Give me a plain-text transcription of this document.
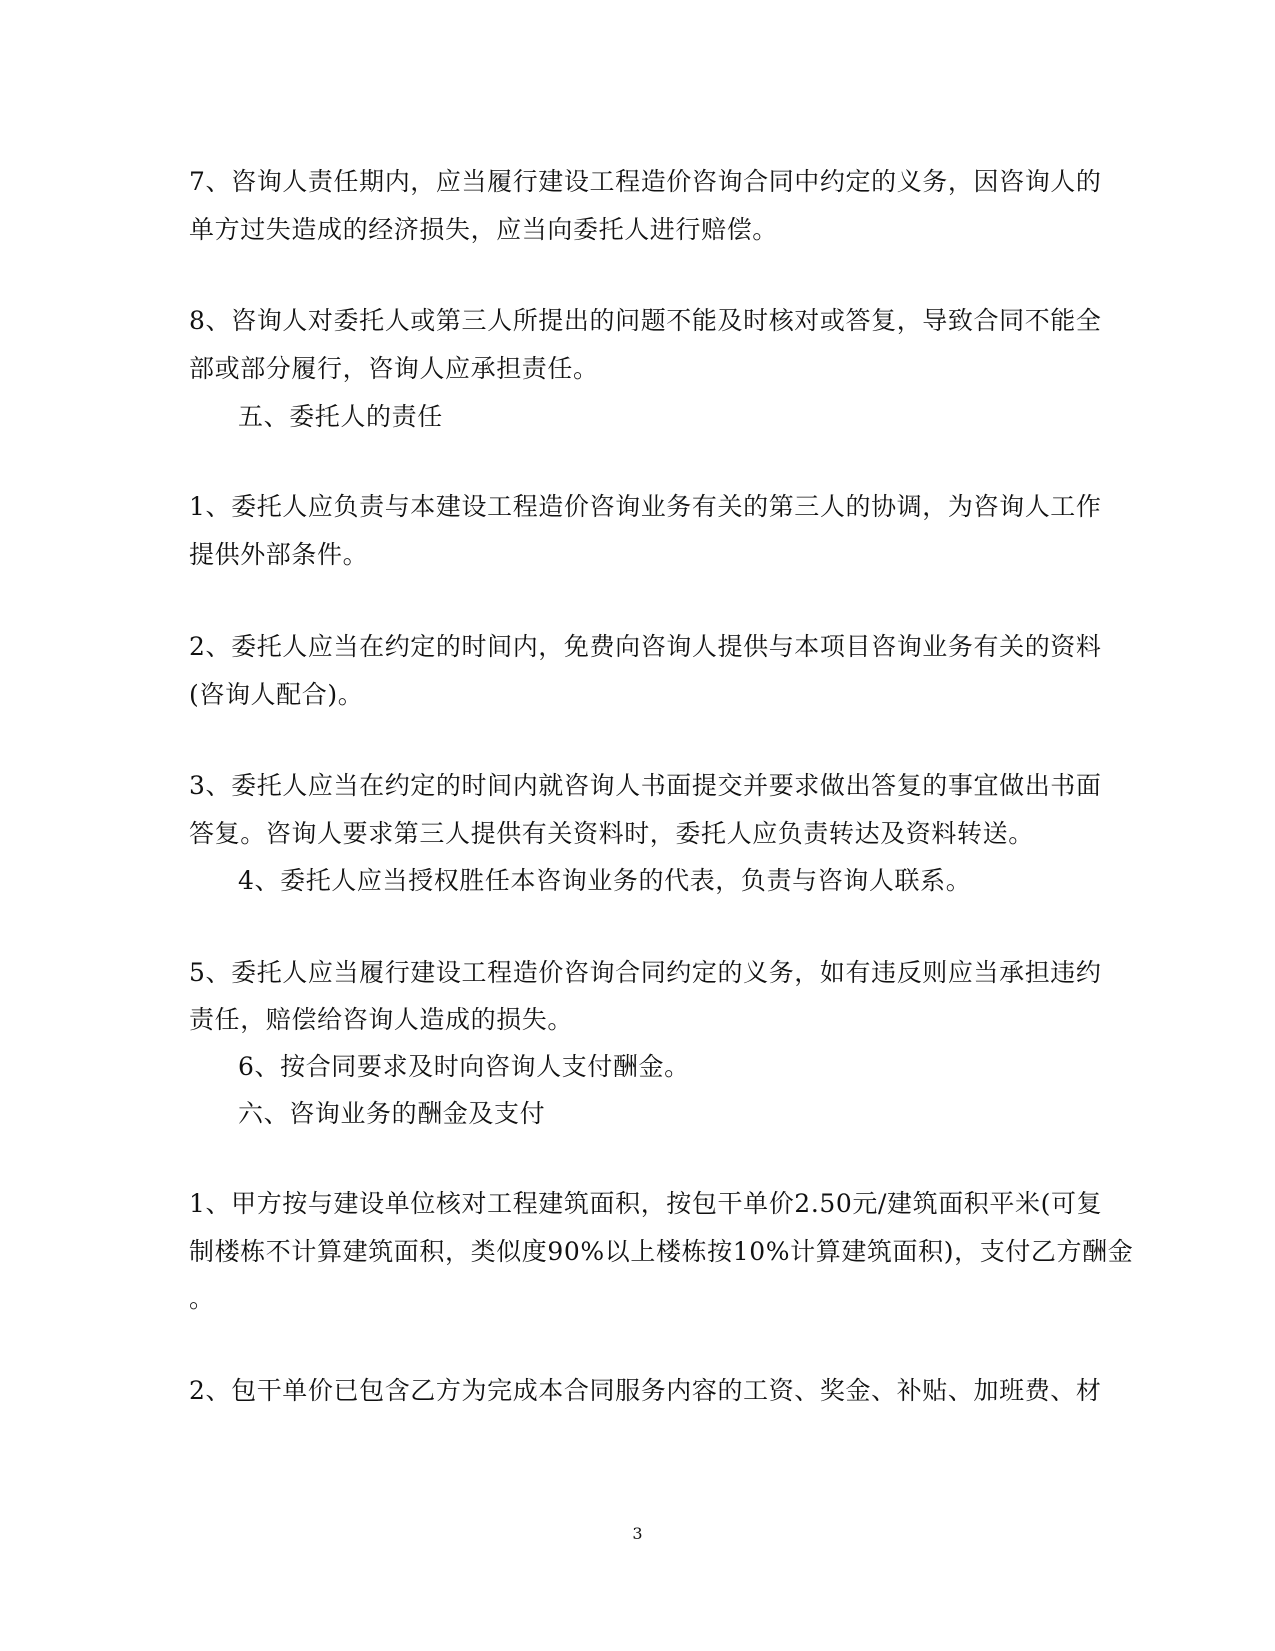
7、咨询人责任期内，应当履行建设工程造价咨询合同中约定的义务，因咨询人的
单方过失造成的经济损失，应当向委托人进行赔偿。
8、咨询人对委托人或第三人所提出的问题不能及时核对或答复，导致合同不能全
部或部分履行，咨询人应承担责任。
五、委托人的责任
1、委托人应负责与本建设工程造价咨询业务有关的第三人的协调，为咨询人工作
提供外部条件。
2、委托人应当在约定的时间内，免费向咨询人提供与本项目咨询业务有关的资料
(咨询人配合)。
3、委托人应当在约定的时间内就咨询人书面提交并要求做出答复的事宜做出书面
答复。咨询人要求第三人提供有关资料时，委托人应负责转达及资料转送。
4、委托人应当授权胜任本咨询业务的代表，负责与咨询人联系。
5、委托人应当履行建设工程造价咨询合同约定的义务，如有违反则应当承担违约
责任，赔偿给咨询人造成的损失。
6、按合同要求及时向咨询人支付酬金。
六、咨询业务的酬金及支付
1、甲方按与建设单位核对工程建筑面积，按包干单价2.50元/建筑面积平米(可复
制楼栋不计算建筑面积，类似度90%以上楼栋按10%计算建筑面积)，支付乙方酬金
。
2、包干单价已包含乙方为完成本合同服务内容的工资、奖金、补贴、加班费、材
3
